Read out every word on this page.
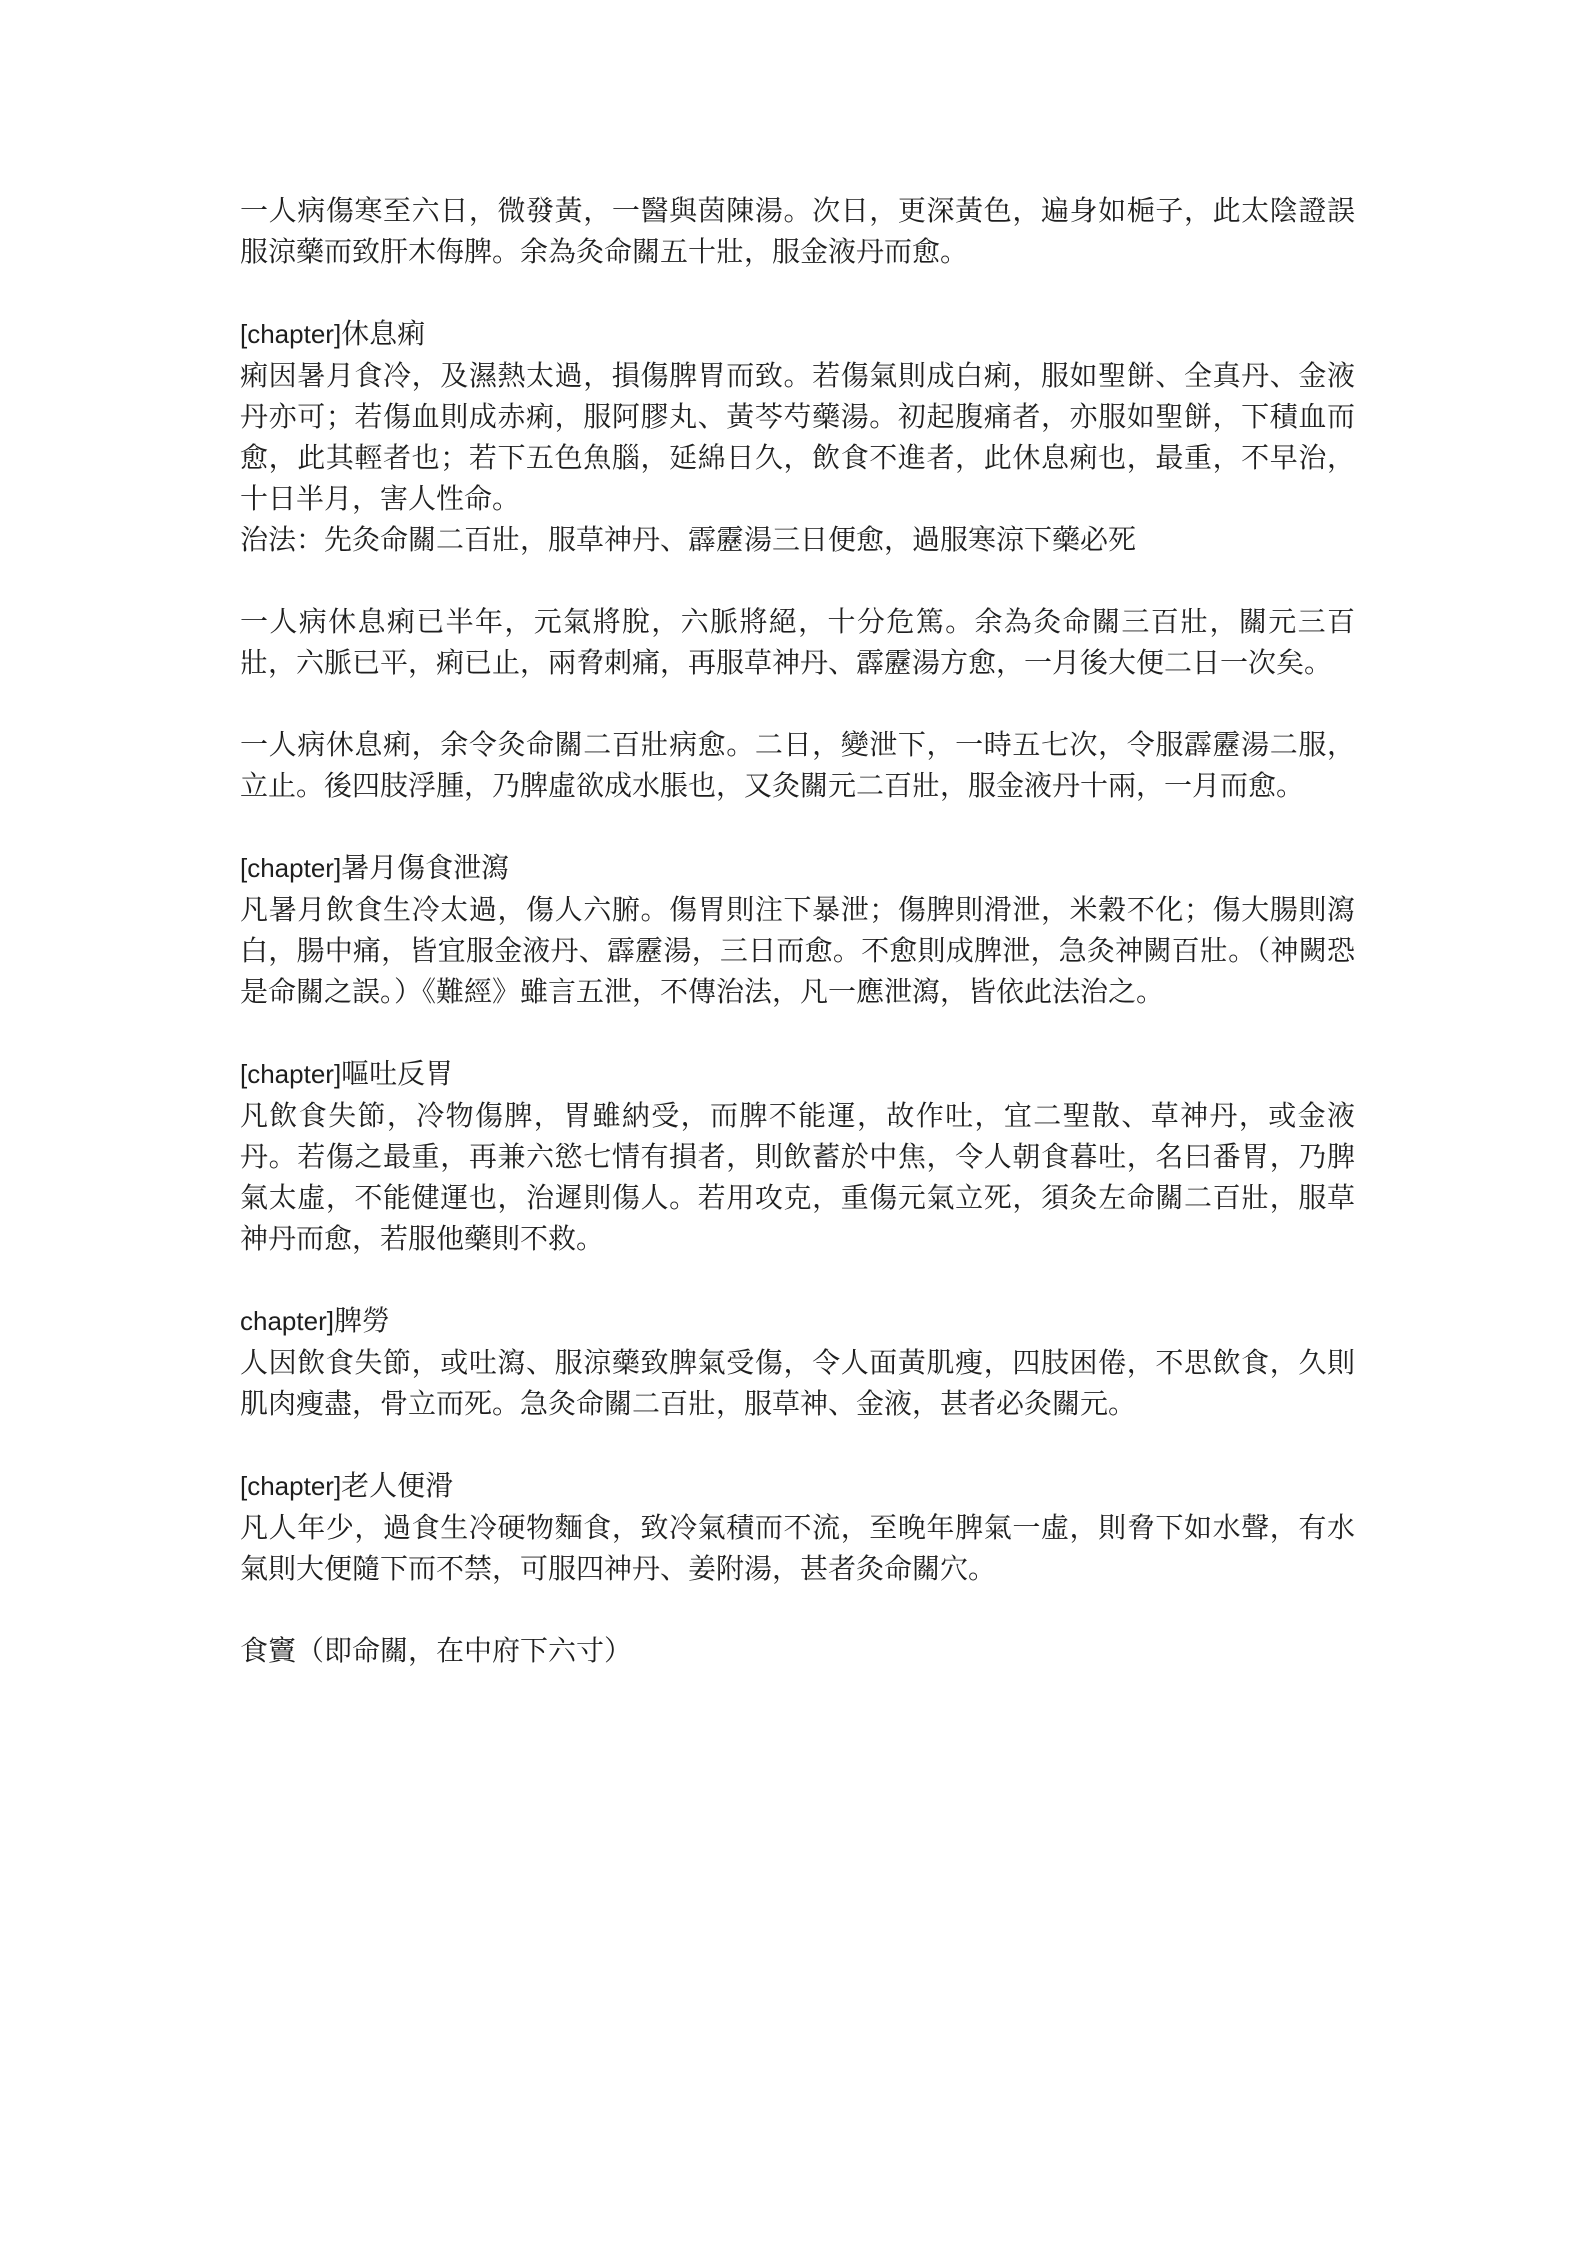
一人病傷寒至六日，微發黃，一醫與茵陳湯。次日，更深黃色，遍身如梔子，此太陰證誤服涼藥而致肝木侮脾。余為灸命關五十壯，服金液丹而愈。

[chapter]休息痢

痢因暑月食冷，及濕熱太過，損傷脾胃而致。若傷氣則成白痢，服如聖餅、全真丹、金液丹亦可；若傷血則成赤痢，服阿膠丸、黃芩芍藥湯。初起腹痛者，亦服如聖餅，下積血而愈，此其輕者也；若下五色魚腦，延綿日久，飲食不進者，此休息痢也，最重，不早治，十日半月，害人性命。

治法：先灸命關二百壯，服草神丹、霹靂湯三日便愈，過服寒涼下藥必死

一人病休息痢已半年，元氣將脫，六脈將絕，十分危篤。余為灸命關三百壯，關元三百壯，六脈已平，痢已止，兩脅刺痛，再服草神丹、霹靂湯方愈，一月後大便二日一次矣。

一人病休息痢，余令灸命關二百壯病愈。二日，變泄下，一時五七次，令服霹靂湯二服，立止。後四肢浮腫，乃脾虛欲成水脹也，又灸關元二百壯，服金液丹十兩，一月而愈。

[chapter]暑月傷食泄瀉

凡暑月飲食生冷太過，傷人六腑。傷胃則注下暴泄；傷脾則滑泄，米穀不化；傷大腸則瀉白，腸中痛，皆宜服金液丹、霹靂湯，三日而愈。不愈則成脾泄，急灸神闕百壯。（神闕恐是命關之誤。）《難經》雖言五泄，不傳治法，凡一應泄瀉，皆依此法治之。

[chapter]嘔吐反胃

凡飲食失節，冷物傷脾，胃雖納受，而脾不能運，故作吐，宜二聖散、草神丹，或金液丹。若傷之最重，再兼六慾七情有損者，則飲蓄於中焦，令人朝食暮吐，名曰番胃，乃脾氣太虛，不能健運也，治遲則傷人。若用攻克，重傷元氣立死，須灸左命關二百壯，服草神丹而愈，若服他藥則不救。

chapter]脾勞

人因飲食失節，或吐瀉、服涼藥致脾氣受傷，令人面黃肌瘦，四肢困倦，不思飲食，久則肌肉瘦盡，骨立而死。急灸命關二百壯，服草神、金液，甚者必灸關元。

[chapter]老人便滑

凡人年少，過食生冷硬物麵食，致冷氣積而不流，至晚年脾氣一虛，則脅下如水聲，有水氣則大便隨下而不禁，可服四神丹、姜附湯，甚者灸命關穴。

食竇（即命關，在中府下六寸）
